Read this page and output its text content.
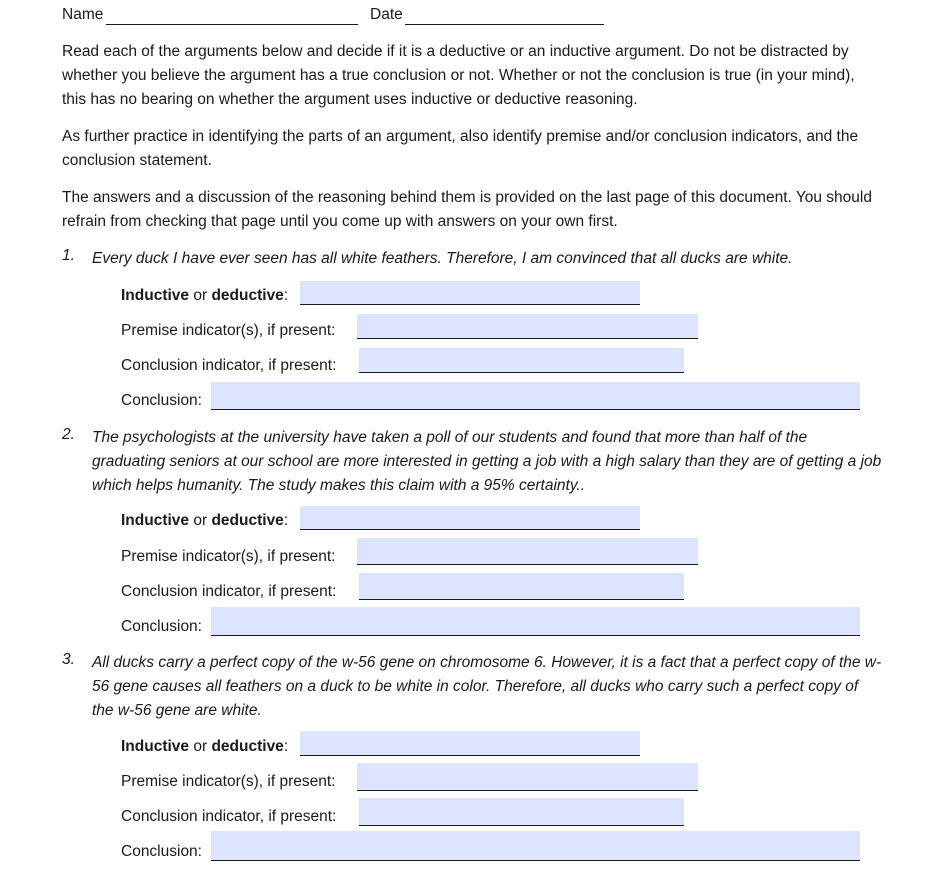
Name	Date
Read each of the arguments below and decide if it is a deductive or an inductive argument. Do not be distracted by whether you believe the argument has a true conclusion or not. Whether or not the conclusion is true (in your mind), this has no bearing on whether the argument uses inductive or deductive reasoning.
As further practice in identifying the parts of an argument, also identify premise and/or conclusion indicators, and the conclusion statement.
The answers and a discussion of the reasoning behind them is provided on the last page of this document. You should refrain from checking that page until you come up with answers on your own first.
1. Every duck I have ever seen has all white feathers. Therefore, I am convinced that all ducks are white.
Inductive or deductive:
Premise indicator(s), if present:
Conclusion indicator, if present:
Conclusion:
2. The psychologists at the university have taken a poll of our students and found that more than half of the graduating seniors at our school are more interested in getting a job with a high salary than they are of getting a job which helps humanity. The study makes this claim with a 95% certainty..
Inductive or deductive:
Premise indicator(s), if present:
Conclusion indicator, if present:
Conclusion:
3. All ducks carry a perfect copy of the w-56 gene on chromosome 6. However, it is a fact that a perfect copy of the w-56 gene causes all feathers on a duck to be white in color. Therefore, all ducks who carry such a perfect copy of the w-56 gene are white.
Inductive or deductive:
Premise indicator(s), if present:
Conclusion indicator, if present:
Conclusion:
